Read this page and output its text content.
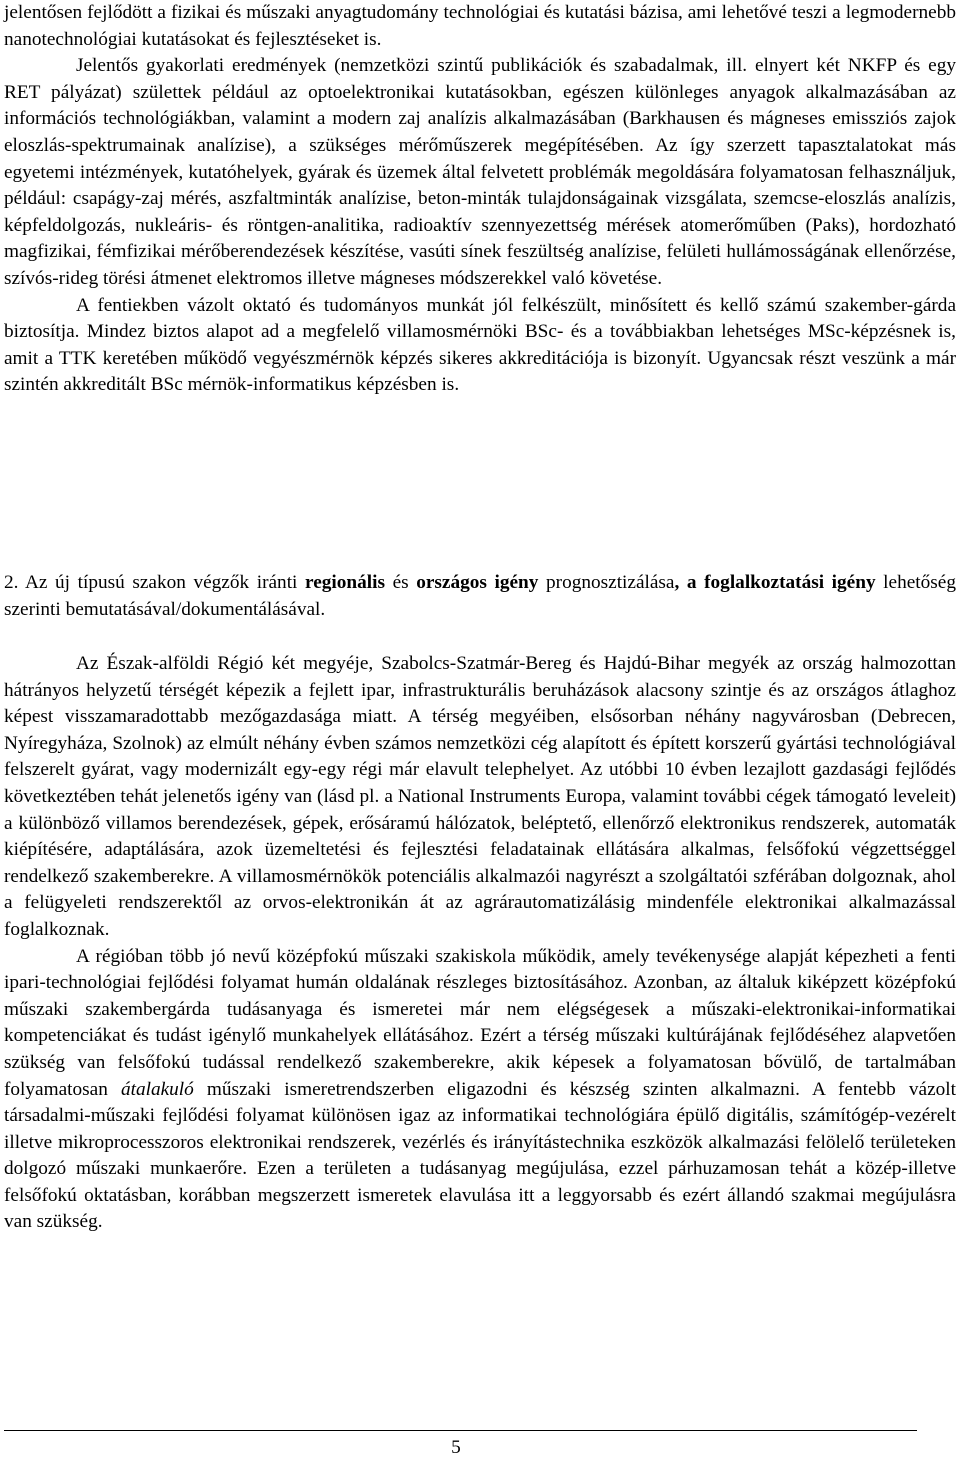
jelentősen fejlődött a fizikai és műszaki anyagtudomány technológiai és kutatási bázisa, ami lehetővé teszi a legmodernebb nanotechnológiai kutatásokat és fejlesztéseket is.

Jelentős gyakorlati eredmények (nemzetközi szintű publikációk és szabadalmak, ill. elnyert két NKFP és egy RET pályázat) születtek például az optoelektronikai kutatásokban, egészen különleges anyagok alkalmazásában az információs technológiákban, valamint a modern zaj analízis alkalmazásában (Barkhausen és mágneses emissziós zajok eloszlás-spektrumainak analízise), a szükséges mérőműszerek megépítésében. Az így szerzett tapasztalatokat más egyetemi intézmények, kutatóhelyek, gyárak és üzemek által felvetett problémák megoldására folyamatosan felhasználjuk, például: csapágy-zaj mérés, aszfaltminták analízise, beton-minták tulajdonságainak vizsgálata, szemcse-eloszlás analízis, képfeldolgozás, nukleáris- és röntgen-analitika, radioaktív szennyezettség mérések atomerőműben (Paks), hordozható magfizikai, fémfizikai mérőberendezések készítése, vasúti sínek feszültség analízise, felületi hullámosságának ellenőrzése, szívós-rideg törési átmenet elektromos illetve mágneses módszerekkel való követése.

A fentiekben vázolt oktató és tudományos munkát jól felkészült, minősített és kellő számú szakember-gárda biztosítja. Mindez biztos alapot ad a megfelelő villamosmérnöki BSc- és a továbbiakban lehetséges MSc-képzésnek is, amit a TTK keretében működő vegyészmérnök képzés sikeres akkreditációja is bizonyít. Ugyancsak részt veszünk a már szintén akkreditált BSc mérnök-informatikus képzésben is.

2. Az új típusú szakon végzők iránti regionális és országos igény prognosztizálása, a foglalkoztatási igény lehetőség szerinti bemutatásával/dokumentálásával.

Az Észak-alföldi Régió két megyéje, Szabolcs-Szatmár-Bereg és Hajdú-Bihar megyék az ország halmozottan hátrányos helyzetű térségét képezik a fejlett ipar, infrastrukturális beruházások alacsony szintje és az országos átlaghoz képest visszamaradottabb mezőgazdasága miatt. A térség megyéiben, elsősorban néhány nagyvárosban (Debrecen, Nyíregyháza, Szolnok) az elmúlt néhány évben számos nemzetközi cég alapított és épített korszerű gyártási technológiával felszerelt gyárat, vagy modernizált egy-egy régi már elavult telephelyet. Az utóbbi 10 évben lezajlott gazdasági fejlődés következtében tehát jelenetős igény van (lásd pl. a National Instruments Europa, valamint további cégek támogató leveleit) a különböző villamos berendezések, gépek, erősáramú hálózatok, beléptető, ellenőrző elektronikus rendszerek, automaták kiépítésére, adaptálására, azok üzemeltetési és fejlesztési feladatainak ellátására alkalmas, felsőfokú végzettséggel rendelkező szakemberekre. A villamosmérnökök potenciális alkalmazói nagyrészt a szolgáltatói szférában dolgoznak, ahol a felügyeleti rendszerektől az orvos-elektronikán át az agrárautomatizálásig mindenféle elektronikai alkalmazással foglalkoznak.

A régióban több jó nevű középfokú műszaki szakiskola működik, amely tevékenysége alapját képezheti a fenti ipari-technológiai fejlődési folyamat humán oldalának részleges biztosításához. Azonban, az általuk kiképzett középfokú műszaki szakembergárda tudásanyaga és ismeretei már nem elégségesek a műszaki-elektronikai-informatikai kompetenciákat és tudást igénylő munkahelyek ellátásához. Ezért a térség műszaki kultúrájának fejlődéséhez alapvetően szükség van felsőfokú tudással rendelkező szakemberekre, akik képesek a folyamatosan bővülő, de tartalmában folyamatosan átalakuló műszaki ismeretrendszerben eligazodni és készség szinten alkalmazni. A fentebb vázolt társadalmi-műszaki fejlődési folyamat különösen igaz az informatikai technológiára épülő digitális, számítógép-vezérelt illetve mikroprocesszoros elektronikai rendszerek, vezérlés és irányítástechnika eszközök alkalmazási felölelő területeken dolgozó műszaki munkaerőre. Ezen a területen a tudásanyag megújulása, ezzel párhuzamosan tehát a közép-illetve felsőfokú oktatásban, korábban megszerzett ismeretek elavulása itt a leggyorsabb és ezért állandó szakmai megújulásra van szükség.

5
